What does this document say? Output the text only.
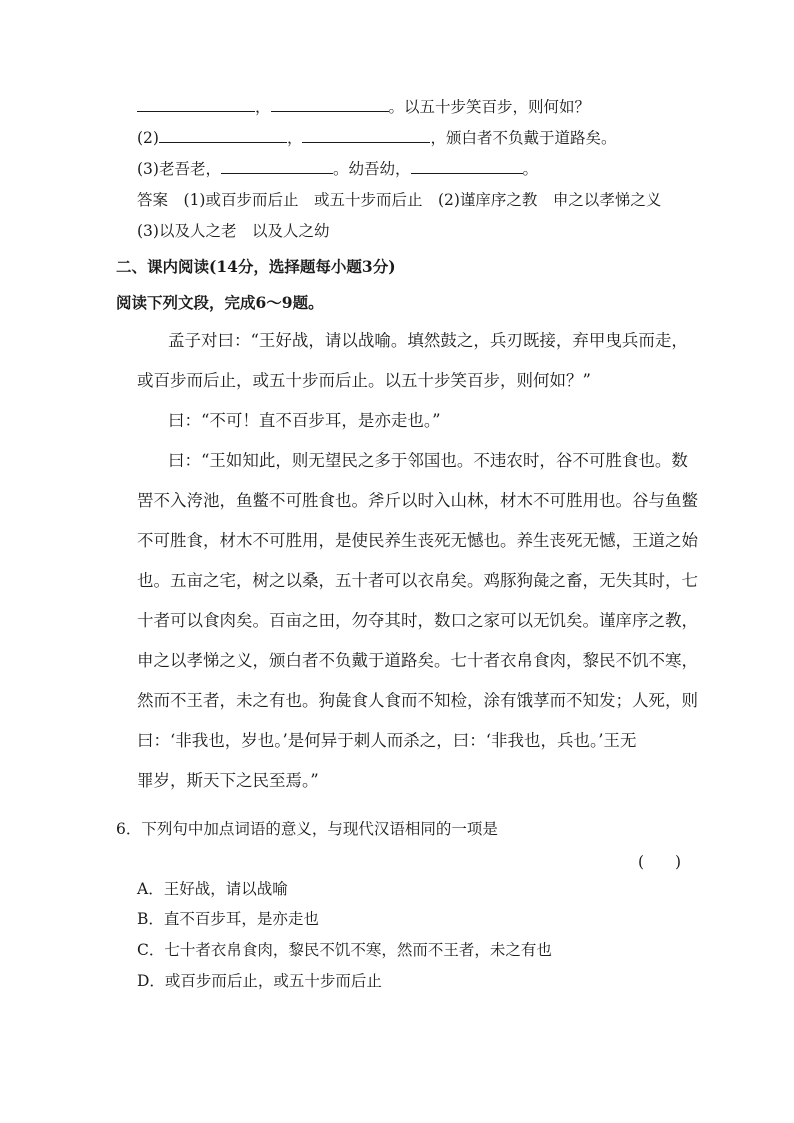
，	。以五十步笑百步，则何如？
(2)	，	，颁白者不负戴于道路矣。
(3)老吾老，	。幼吾幼，	。
答案  (1)或百步而后止　或五十步而后止　(2)谨庠序之教　申之以孝悌之义
(3)以及人之老　以及人之幼
二、课内阅读(14分，选择题每小题3分)
阅读下列文段，完成6～9题。
孟子对曰：“王好战，请以战喻。填然鼓之，兵刃既接，弃甲曳兵而走，
或百步而后止，或五十步而后止。以五十步笑百步，则何如？”
曰：“不可！直不百步耳，是亦走也。”
曰：“王如知此，则无望民之多于邻国也。不违农时，谷不可胜食也。数
罟不入洿池，鱼鳖不可胜食也。斧斤以时入山林，材木不可胜用也。谷与鱼鳖
不可胜食，材木不可胜用，是使民养生丧死无憾也。养生丧死无憾，王道之始
也。五亩之宅，树之以桑，五十者可以衣帛矣。鸡豚狗彘之畜，无失其时，七
十者可以食肉矣。百亩之田，勿夺其时，数口之家可以无饥矣。谨庠序之教，
申之以孝悌之义，颁白者不负戴于道路矣。七十者衣帛食肉，黎民不饥不寒，
然而不王者，未之有也。狗彘食人食而不知检，涂有饿莩而不知发；人死，则
曰：‘非我也，岁也。’是何异于刺人而杀之，曰：‘非我也，兵也。’王无
罪岁，斯天下之民至焉。”
6．下列句中加点词语的意义，与现代汉语相同的一项是
(　　)
A．王好战，请以战喻
B．直不百步耳，是亦走也
C．七十者衣帛食肉，黎民不饥不寒，然而不王者，未之有也
D．或百步而后止，或五十步而后止
